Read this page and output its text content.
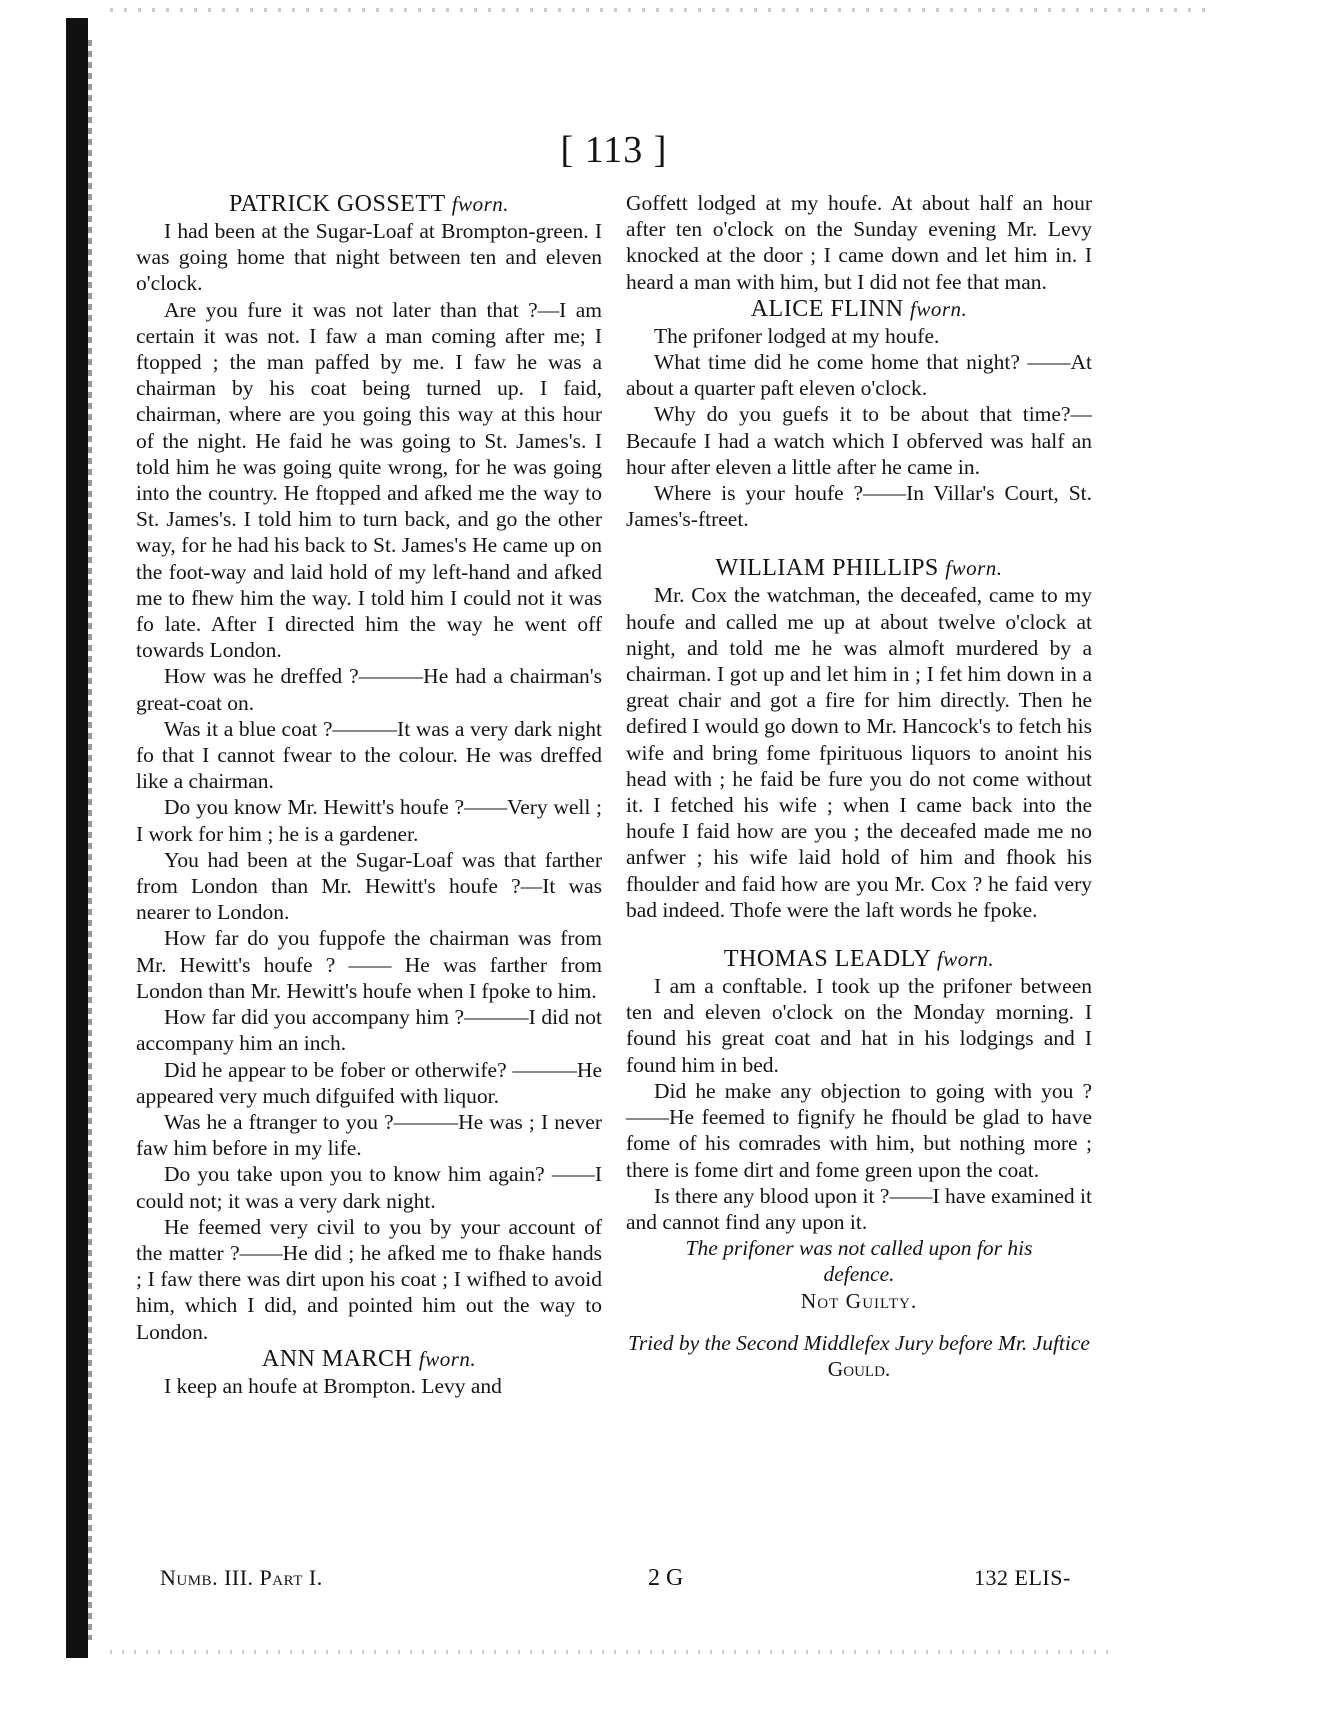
[ 113 ]
PATRICK GOSSETT fworn.

I had been at the Sugar-Loaf at Brompton-green. I was going home that night between ten and eleven o'clock.

Are you fure it was not later than that ?—I am certain it was not. I faw a man coming after me; I ftopped ; the man paffed by me. I faw he was a chairman by his coat being turned up. I faid, chairman, where are you going this way at this hour of the night. He faid he was going to St. James's. I told him he was going quite wrong, for he was going into the country. He ftopped and afked me the way to St. James's. I told him to turn back, and go the other way, for he had his back to St. James's He came up on the foot-way and laid hold of my left-hand and afked me to fhew him the way. I told him I could not it was fo late. After I directed him the way he went off towards London.

How was he dreffed ?———He had a chairman's great-coat on.

Was it a blue coat ?———It was a very dark night fo that I cannot fwear to the colour. He was dreffed like a chairman.

Do you know Mr. Hewitt's houfe ?——Very well ; I work for him ; he is a gardener.

You had been at the Sugar-Loaf was that farther from London than Mr. Hewitt's houfe ?—It was nearer to London.

How far do you fuppofe the chairman was from Mr. Hewitt's houfe ? —— He was farther from London than Mr. Hewitt's houfe when I fpoke to him.

How far did you accompany him ?———I did not accompany him an inch.

Did he appear to be fober or otherwife? ———He appeared very much difguifed with liquor.

Was he a ftranger to you ?———He was ; I never faw him before in my life.

Do you take upon you to know him again? ——I could not; it was a very dark night.

He feemed very civil to you by your account of the matter ?——He did ; he afked me to fhake hands ; I faw there was dirt upon his coat ; I wifhed to avoid him, which I did, and pointed him out the way to London.

ANN MARCH fworn.

I keep an houfe at Brompton. Levy and

Goffett lodged at my houfe. At about half an hour after ten o'clock on the Sunday evening Mr. Levy knocked at the door ; I came down and let him in. I heard a man with him, but I did not fee that man.

ALICE FLINN fworn.

The prifoner lodged at my houfe.

What time did he come home that night? ——At about a quarter paft eleven o'clock.

Why do you guefs it to be about that time?—Becaufe I had a watch which I obferved was half an hour after eleven a little after he came in.

Where is your houfe ?——In Villar's Court, St. James's-ftreet.

WILLIAM PHILLIPS fworn.

Mr. Cox the watchman, the deceafed, came to my houfe and called me up at about twelve o'clock at night, and told me he was almoft murdered by a chairman. I got up and let him in ; I fet him down in a great chair and got a fire for him directly. Then he defired I would go down to Mr. Hancock's to fetch his wife and bring fome fpirituous liquors to anoint his head with ; he faid be fure you do not come without it. I fetched his wife ; when I came back into the houfe I faid how are you ; the deceafed made me no anfwer ; his wife laid hold of him and fhook his fhoulder and faid how are you Mr. Cox ? he faid very bad indeed. Thofe were the laft words he fpoke.

THOMAS LEADLY fworn.

I am a conftable. I took up the prifoner between ten and eleven o'clock on the Monday morning. I found his great coat and hat in his lodgings and I found him in bed.

Did he make any objection to going with you ?——He feemed to fignify he fhould be glad to have fome of his comrades with him, but nothing more ; there is fome dirt and fome green upon the coat.

Is there any blood upon it ?——I have examined it and cannot find any upon it.

The prifoner was not called upon for his defence.

Not Guilty.

Tried by the Second Middlefex Jury before Mr. Juftice Gould.

Numb. III. Part I.	2 G	132 ELIS-
